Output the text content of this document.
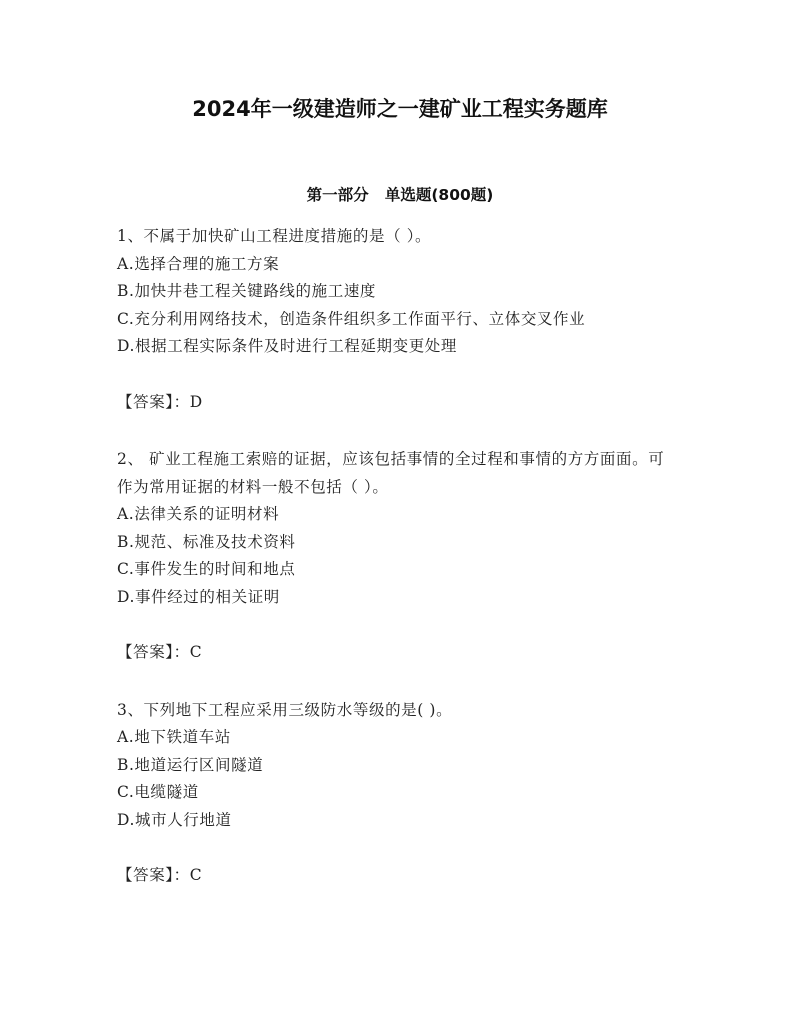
2024年一级建造师之一建矿业工程实务题库
第一部分   单选题(800题)
1、不属于加快矿山工程进度措施的是（ ）。
A.选择合理的施工方案
B.加快井巷工程关键路线的施工速度
C.充分利用网络技术，创造条件组织多工作面平行、立体交叉作业
D.根据工程实际条件及时进行工程延期变更处理
【答案】：D
2、 矿业工程施工索赔的证据，应该包括事情的全过程和事情的方方面面。可作为常用证据的材料一般不包括（ ）。
A.法律关系的证明材料
B.规范、标准及技术资料
C.事件发生的时间和地点
D.事件经过的相关证明
【答案】：C
3、下列地下工程应采用三级防水等级的是( )。
A.地下铁道车站
B.地道运行区间隧道
C.电缆隧道
D.城市人行地道
【答案】：C
